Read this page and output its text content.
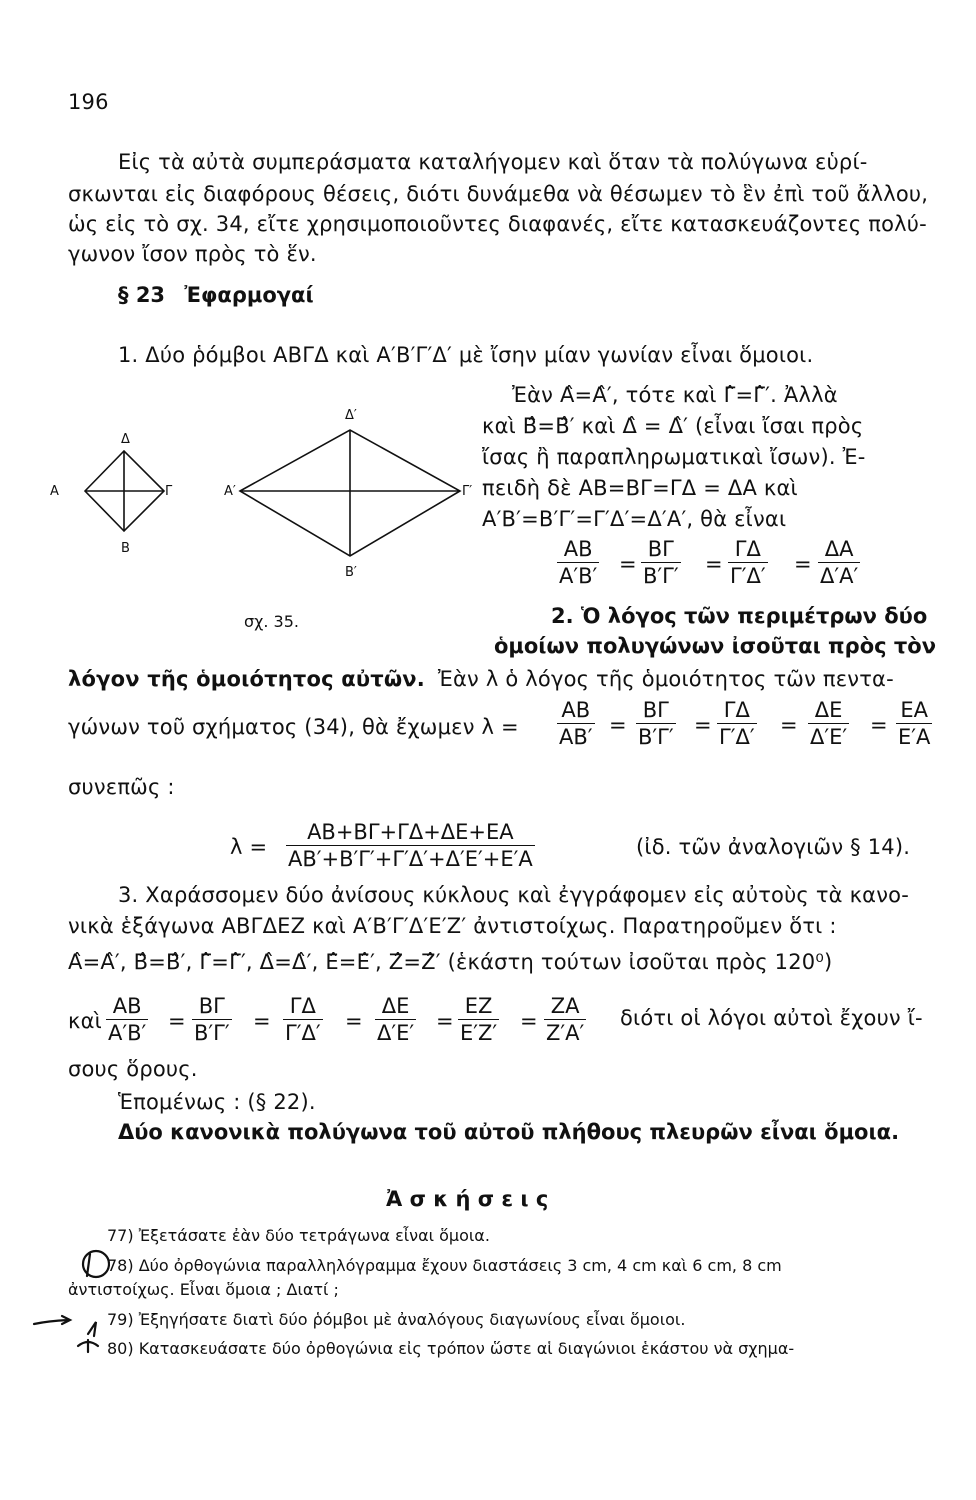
196
Εἰς τὰ αὐτὰ συμπεράσματα καταλήγομεν καὶ ὅταν τὰ πολύγωνα εὑρί-
σκωνται εἰς διαφόρους θέσεις, διότι δυνάμεθα νὰ θέσωμεν τὸ ἓν ἐπὶ τοῦ ἄλλου,
ὡς εἰς τὸ σχ. 34, εἴτε χρησιμοποιοῦντες διαφανές, εἴτε κατασκευάζοντες πολύ-
γωνον ἴσον πρὸς τὸ ἕν.
§ 23 Ἐφαρμογαί
1. Δύο ῥόμβοι ΑΒΓΔ καὶ Α′Β′Γ′Δ′ μὲ ἴσην μίαν γωνίαν εἶναι ὅμοιοι.
Ἐὰν Α̂=Α̂′, τότε καὶ Γ̂=Γ̂′. Ἀλλὰ
καὶ Β̂=Β̂′ καὶ Δ̂ = Δ̂′ (εἶναι ἴσαι πρὸς
ἴσας ἢ παραπληρωματικαὶ ἴσων). Ἐ-
πειδὴ δὲ ΑΒ=ΒΓ=ΓΔ = ΔΑ καὶ
Α′Β′=Β′Γ′=Γ′Δ′=Δ′Α′, θὰ εἶναι
$\frac{AB}{A'B'} = \frac{B\Gamma}{B'\Gamma'} = \frac{\Gamma\Delta}{\Gamma'\Delta'} = \frac{\Delta A}{\Delta'A'}$
Α
Δ
Γ
Β
Α′
Δ′
Γ′
Β′
σχ. 35.	2. Ὁ λόγος τῶν περιμέτρων δύο
ὁμοίων πολυγώνων ἰσοῦται πρὸς τὸν
λόγον τῆς ὁμοιότητος αὐτῶν. Ἐὰν λ ὁ λόγος τῆς ὁμοιότητος τῶν πεντα-
γώνων τοῦ σχήματος (34), θὰ ἔχωμεν $\lambda = \frac{AB}{AB'} = \frac{B\Gamma}{B'\Gamma'} = \frac{\Gamma\Delta}{\Gamma'\Delta'} = \frac{\Delta E}{\Delta'E'} = \frac{EA}{E'A}$
συνεπῶς :
$\lambda = \frac{AB+B\Gamma+\Gamma\Delta+\Delta E+EA}{AB'+B'\Gamma'+\Gamma'\Delta'+\Delta'E'+E'A}$	(ἰδ. τῶν ἀναλογιῶν § 14).
3. Χαράσσομεν δύο ἀνίσους κύκλους καὶ ἐγγράφομεν εἰς αὐτοὺς τὰ κανο-
νικὰ ἑξάγωνα ΑΒΓΔΕΖ καὶ Α′Β′Γ′Δ′Ε′Ζ′ ἀντιστοίχως. Παρατηροῦμεν ὅτι :
Α̂=Α̂′, Β̂=Β̂′, Γ̂=Γ̂′, Δ̂=Δ̂′, Ε̂=Ε̂′, Ζ̂=Ζ̂′ (ἑκάστη τούτων ἰσοῦται πρὸς 120⁰)
καὶ $\frac{AB}{A'B'} = \frac{B\Gamma}{B'\Gamma'} = \frac{\Gamma\Delta}{\Gamma'\Delta'} = \frac{\Delta E}{\Delta'E'} = \frac{EZ}{E'Z'} = \frac{ZA}{Z'A'}$ διότι οἱ λόγοι αὐτοὶ ἔχουν ἴ-
σους ὅρους.
Ἑπομένως : (§ 22).
Δύο κανονικὰ πολύγωνα τοῦ αὐτοῦ πλήθους πλευρῶν εἶναι ὅμοια.
Ἀ σ κ ή σ ε ι ς
77) Ἐξετάσατε ἐὰν δύο τετράγωνα εἶναι ὅμοια.
78) Δύο ὀρθογώνια παραλληλόγραμμα ἔχουν διαστάσεις 3 cm, 4 cm καὶ 6 cm, 8 cm
ἀντιστοίχως. Εἶναι ὅμοια ; Διατί ;
79) Ἐξηγήσατε διατὶ δύο ῥόμβοι μὲ ἀναλόγους διαγωνίους εἶναι ὅμοιοι.
80) Κατασκευάσατε δύο ὀρθογώνια εἰς τρόπον ὥστε αἱ διαγώνιοι ἑκάστου νὰ σχημα-
